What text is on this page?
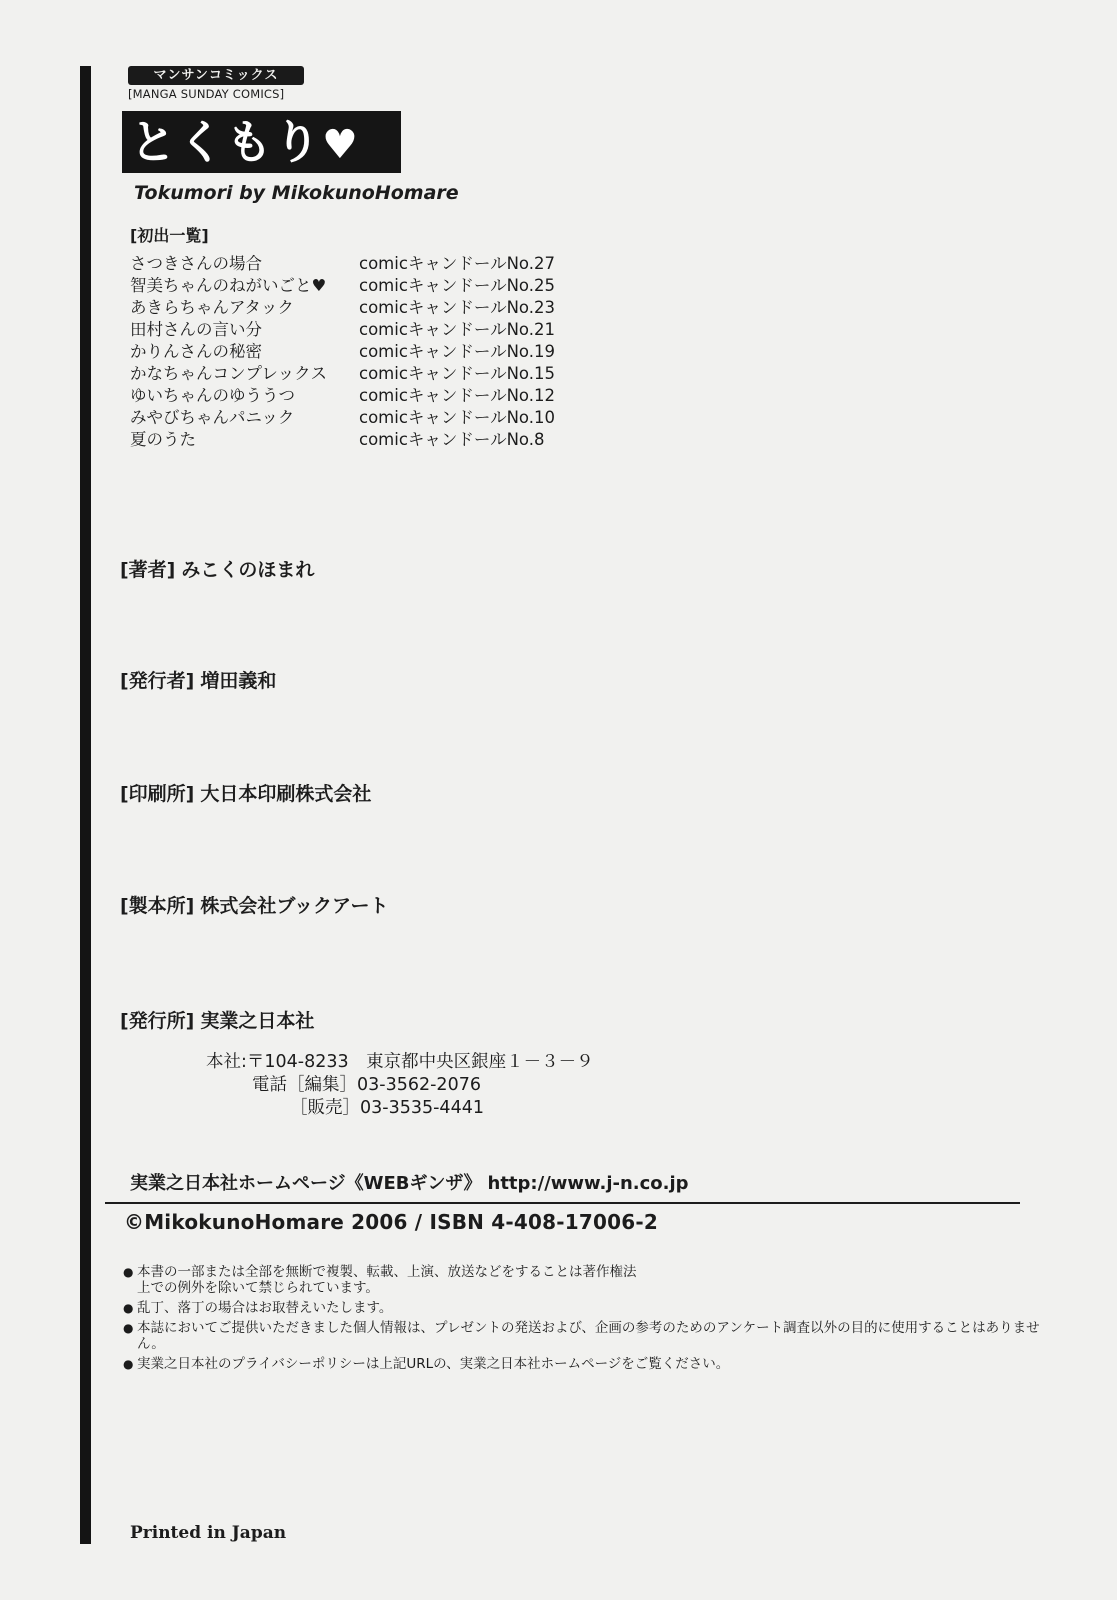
マンサンコミックス
[MANGA SUNDAY COMICS]
とくもり♥
Tokumori by MikokunoHomare
[初出一覧]
さつきさんの場合	comicキャンドールNo.27
智美ちゃんのねがいごと♥ comicキャンドールNo.25
あきらちゃんアタック	comicキャンドールNo.23
田村さんの言い分	comicキャンドールNo.21
かりんさんの秘密	comicキャンドールNo.19
かなちゃんコンプレックス comicキャンドールNo.15
ゆいちゃんのゆううつ	comicキャンドールNo.12
みやびちゃんパニック	comicキャンドールNo.10
夏のうた	comicキャンドールNo.8
[著者] みこくのほまれ
[発行者] 増田義和
[印刷所] 大日本印刷株式会社
[製本所] 株式会社ブックアート
[発行所] 実業之日本社
本社:〒104-8233　東京都中央区銀座１－３－９
電話［編集］03-3562-2076
［販売］03-3535-4441
実業之日本社ホームページ《WEBギンザ》 http://www.j-n.co.jp
©MikokunoHomare 2006 / ISBN 4-408-17006-2
● 本書の一部または全部を無断で複製、転載、上演、放送などをすることは著作権法上での例外を除いて禁じられています。
● 乱丁、落丁の場合はお取替えいたします。
● 本誌においてご提供いただきました個人情報は、プレゼントの発送および、企画の参考のためのアンケート調査以外の目的に使用することはありません。
● 実業之日本社のプライバシーポリシーは上記URLの、実業之日本社ホームページをご覧ください。
Printed in Japan
